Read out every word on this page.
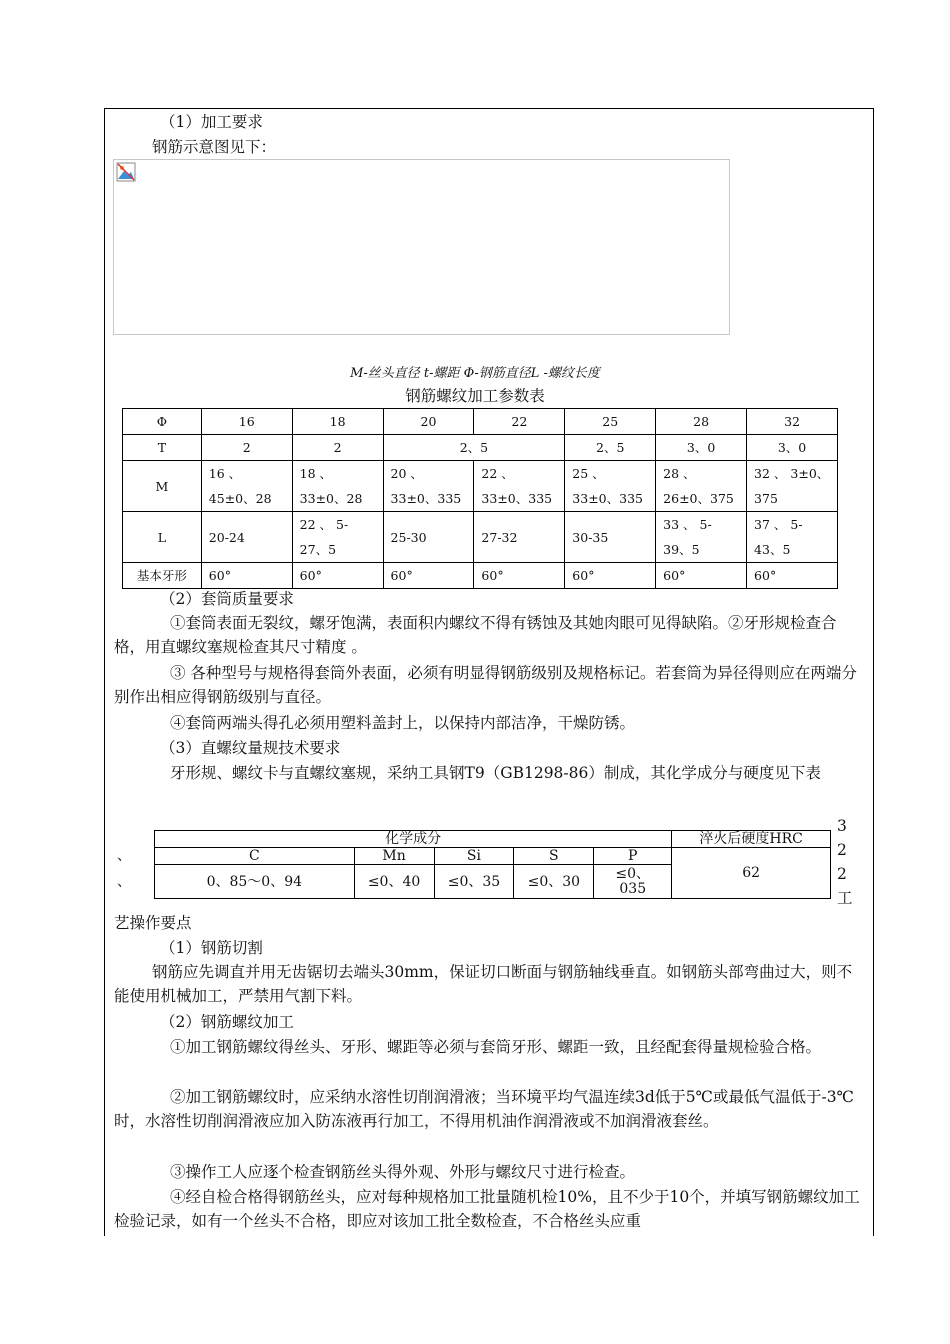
（1）加工要求
钢筋示意图见下：
M-丝头直径 t-螺距 Φ-钢筋直径L -螺纹长度
钢筋螺纹加工参数表
Φ	16	18	20	22	25	28	32
T	2	2	2、5		2、5	3、0	3、0
M	16 、 45±0、28	18 、 33±0、28	20 、 33±0、335	22 、 33±0、335	25 、 33±0、335	28 、 26±0、375	32 、 3±0、375
L	20-24	22 、 5-27、5	25-30	27-32	30-35	33 、 5-39、5	37 、 5-43、5
基本牙形	60°	60°	60°	60°	60°	60°	60°
（2）套筒质量要求
①套筒表面无裂纹，螺牙饱满，表面积内螺纹不得有锈蚀及其她肉眼可见得缺陷。②牙形规检查合格，用直螺纹塞规检查其尺寸精度 。
③ 各种型号与规格得套筒外表面，必须有明显得钢筋级别及规格标记。若套筒为异径得则应在两端分别作出相应得钢筋级别与直径。
④套筒两端头得孔必须用塑料盖封上，以保持内部洁净，干燥防锈。
（3）直螺纹量规技术要求
牙形规、螺纹卡与直螺纹塞规，采纳工具钢T9（GB1298-86）制成，其化学成分与硬度见下表
、
、
化学成分					淬火后硬度HRC
C	Mn	Si	S	P	62
0、85～0、94	≤0、40	≤0、35	≤0、30	≤0、035	
3
2
2
工
艺操作要点
（1）钢筋切割
钢筋应先调直并用无齿锯切去端头30mm，保证切口断面与钢筋轴线垂直。如钢筋头部弯曲过大，则不能使用机械加工，严禁用气割下料。
（2）钢筋螺纹加工
①加工钢筋螺纹得丝头、牙形、螺距等必须与套筒牙形、螺距一致，且经配套得量规检验合格。
②加工钢筋螺纹时，应采纳水溶性切削润滑液；当环境平均气温连续3d低于5℃或最低气温低于-3℃时，水溶性切削润滑液应加入防冻液再行加工，不得用机油作润滑液或不加润滑液套丝。
③操作工人应逐个检查钢筋丝头得外观、外形与螺纹尺寸进行检查。
④经自检合格得钢筋丝头，应对每种规格加工批量随机检10%，且不少于10个，并填写钢筋螺纹加工检验记录，如有一个丝头不合格，即应对该加工批全数检查，不合格丝头应重
